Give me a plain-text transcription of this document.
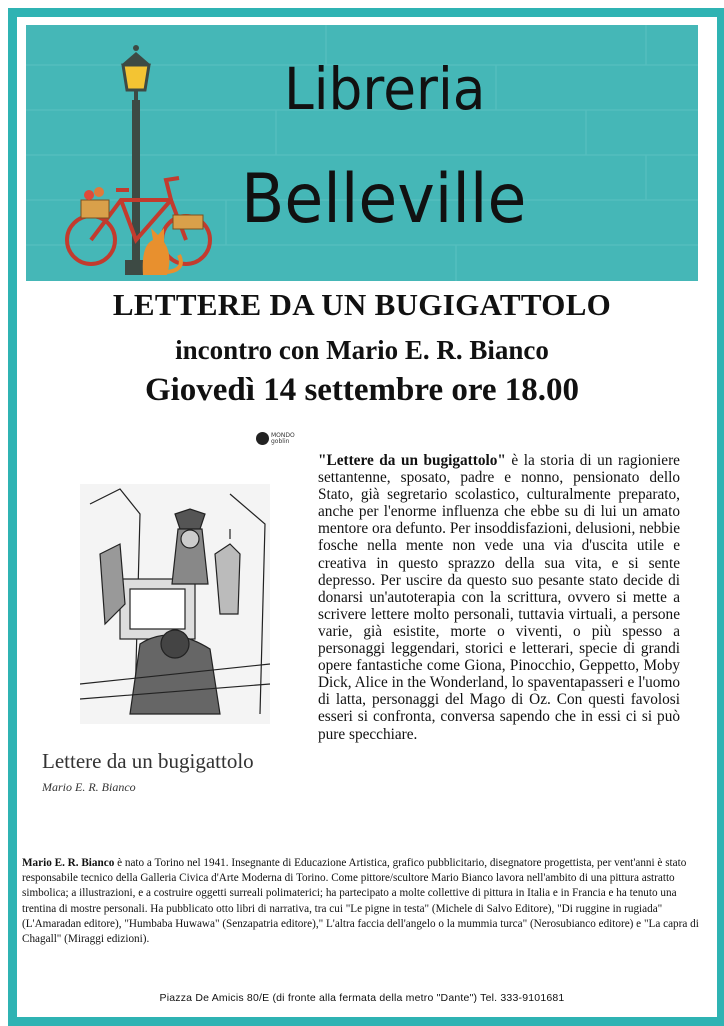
Libreria
Belleville
LETTERE DA UN BUGIGATTOLO
incontro con Mario E. R. Bianco
Giovedì 14 settembre ore 18.00
MONDO
goblin
Lettere da un bugigattolo
Mario E. R. Bianco
"Lettere da un bugigattolo" è la storia di un ragioniere settantenne, sposato, padre e nonno, pensionato dello Stato, già segretario scolastico, culturalmente preparato, anche per l'enorme influenza che ebbe su di lui un amato mentore ora defunto. Per insoddisfazioni, delusioni, nebbie fosche nella mente non vede una via d'uscita utile e creativa in questo sprazzo della sua vita, e si sente depresso. Per uscire da questo suo pesante stato decide di donarsi un'autoterapia con la scrittura, ovvero si mette a scrivere lettere molto personali, tuttavia virtuali, a persone varie, già esistite, morte o viventi, o più spesso a personaggi leggendari, storici e letterari, specie di grandi opere fantastiche come Giona, Pinocchio, Geppetto, Moby Dick, Alice in the Wonderland, lo spaventapasseri e l'uomo di latta, personaggi del Mago di Oz. Con questi favolosi esseri si confronta, conversa sapendo che in essi ci si può pure specchiare.
Mario E. R. Bianco è nato a Torino nel 1941. Insegnante di Educazione Artistica, grafico pubblicitario, disegnatore progettista, per vent'anni è stato responsabile tecnico della Galleria Civica d'Arte Moderna di Torino. Come pittore/scultore Mario Bianco lavora nell'ambito di una pittura astratto simbolica; a illustrazioni, e a costruire oggetti surreali polimaterici; ha partecipato a molte collettive di pittura in Italia e in Francia e ha tenuto una trentina di mostre personali. Ha pubblicato otto libri di narrativa, tra cui "Le pigne in testa" (Michele di Salvo Editore), "Di ruggine in rugiada" (L'Amaradan editore), "Humbaba Huwawa" (Senzapatria editore)," L'altra faccia dell'angelo o la mummia turca" (Nerosubianco editore) e "La capra di Chagall" (Miraggi edizioni).
Piazza De Amicis 80/E (di fronte alla fermata della metro "Dante") Tel. 333-9101681
